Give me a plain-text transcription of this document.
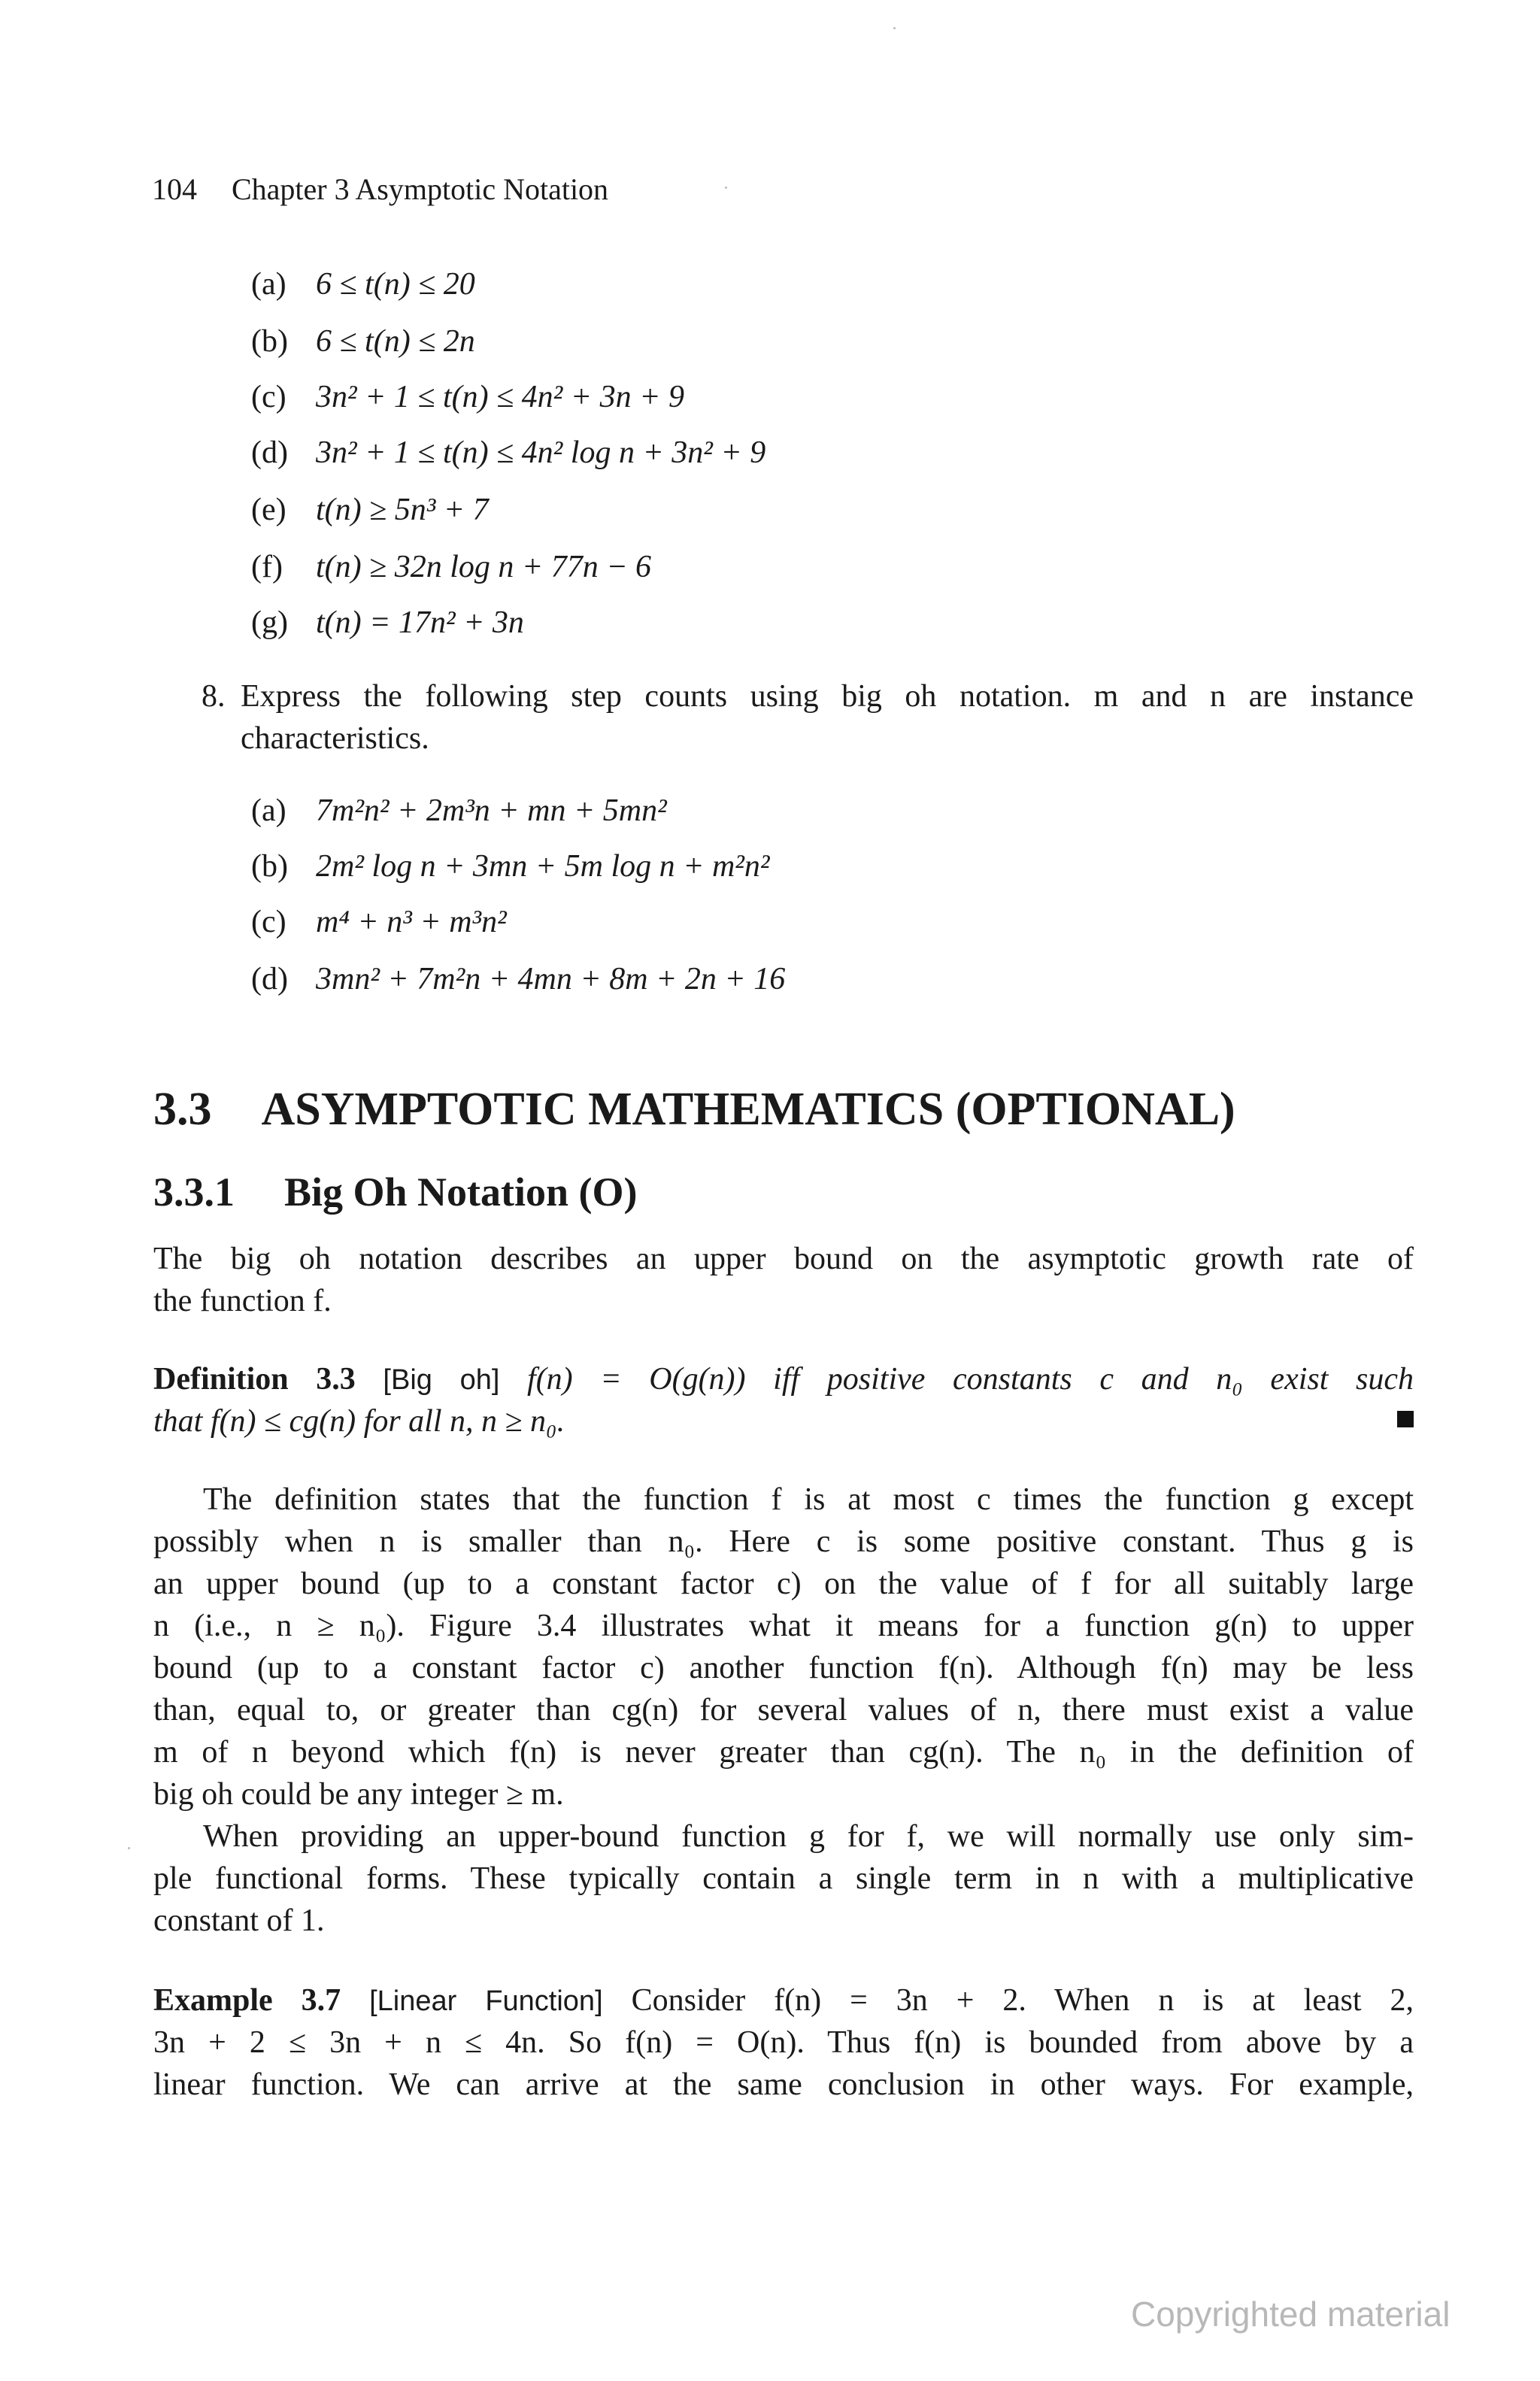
104 Chapter 3 Asymptotic Notation
(a) 6 ≤ t(n) ≤ 20
(b) 6 ≤ t(n) ≤ 2n
(c) 3n² + 1 ≤ t(n) ≤ 4n² + 3n + 9
(d) 3n² + 1 ≤ t(n) ≤ 4n² log n + 3n² + 9
(e) t(n) ≥ 5n³ + 7
(f) t(n) ≥ 32n log n + 77n − 6
(g) t(n) = 17n² + 3n
8. Express the following step counts using big oh notation. m and n are instance
characteristics.
(a) 7m²n² + 2m³n + mn + 5mn²
(b) 2m² log n + 3mn + 5m log n + m²n²
(c) m⁴ + n³ + m³n²
(d) 3mn² + 7m²n + 4mn + 8m + 2n + 16
3.3 ASYMPTOTIC MATHEMATICS (OPTIONAL)
3.3.1 Big Oh Notation (O)
The big oh notation describes an upper bound on the asymptotic growth rate of
the function f.
Definition 3.3 [Big oh] f(n) = O(g(n)) iff positive constants c and n₀ exist such
that f(n) ≤ cg(n) for all n, n ≥ n₀.
The definition states that the function f is at most c times the function g except
possibly when n is smaller than n₀. Here c is some positive constant. Thus g is
an upper bound (up to a constant factor c) on the value of f for all suitably large
n (i.e., n ≥ n₀). Figure 3.4 illustrates what it means for a function g(n) to upper
bound (up to a constant factor c) another function f(n). Although f(n) may be less
than, equal to, or greater than cg(n) for several values of n, there must exist a value
m of n beyond which f(n) is never greater than cg(n). The n₀ in the definition of
big oh could be any integer ≥ m.
When providing an upper-bound function g for f, we will normally use only sim-
ple functional forms. These typically contain a single term in n with a multiplicative
constant of 1.
Example 3.7 [Linear Function] Consider f(n) = 3n + 2. When n is at least 2,
3n + 2 ≤ 3n + n ≤ 4n. So f(n) = O(n). Thus f(n) is bounded from above by a
linear function. We can arrive at the same conclusion in other ways. For example,
Copyrighted material
